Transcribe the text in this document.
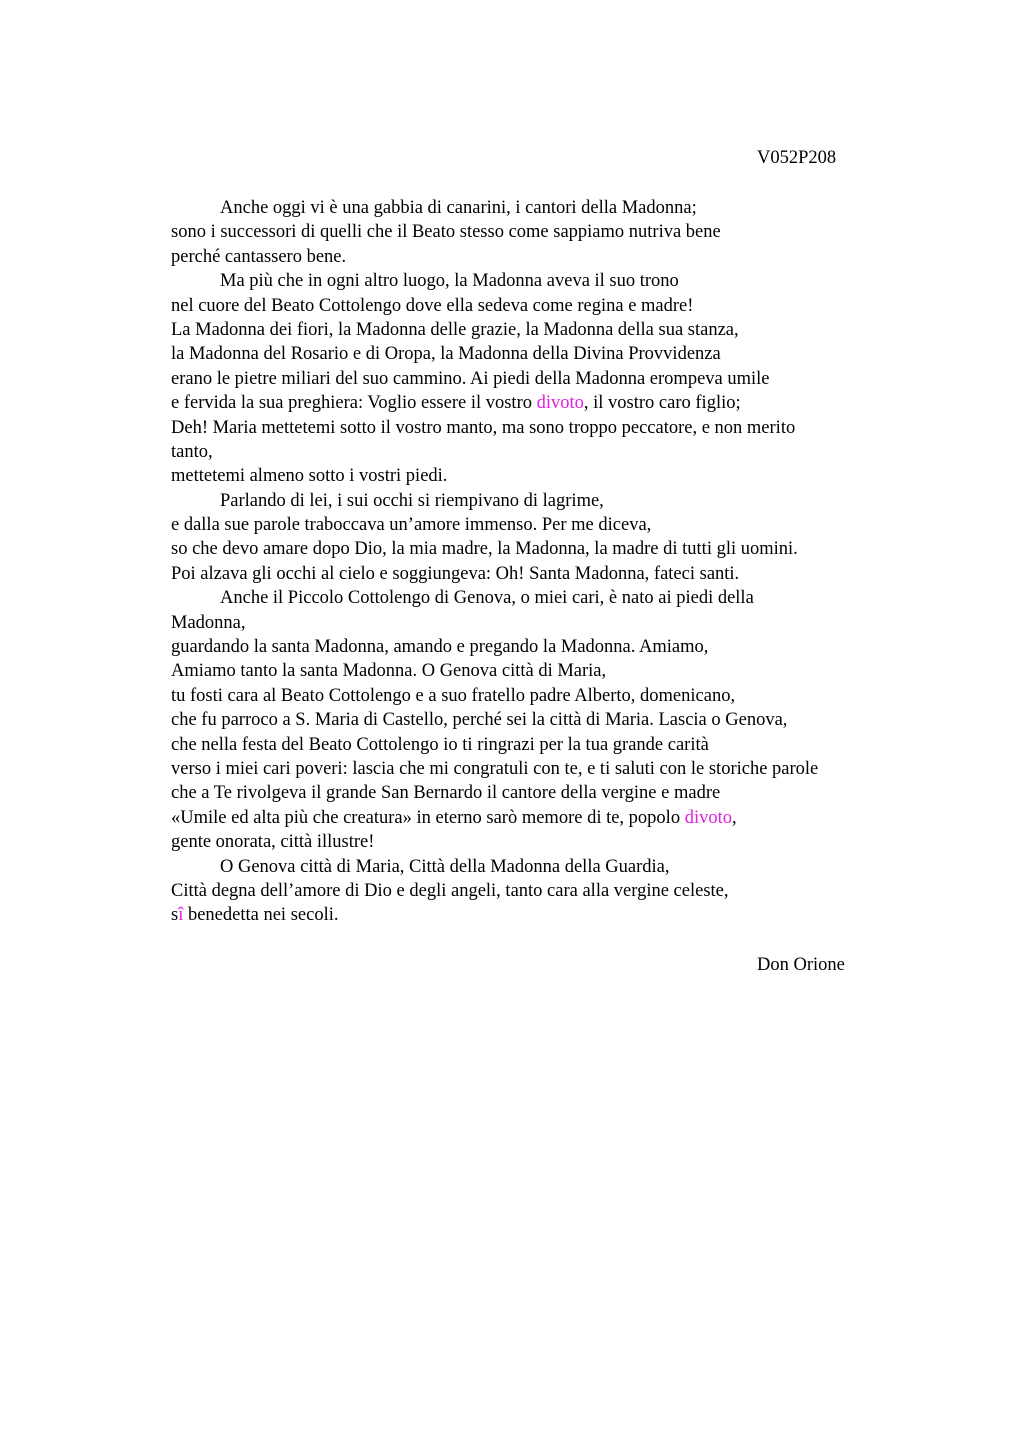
V052P208
Anche oggi vi è una gabbia di canarini, i cantori della Madonna;
sono i successori di quelli che il Beato stesso come sappiamo nutriva bene
perché cantassero bene.
Ma più che in ogni altro luogo, la Madonna aveva il suo trono
nel cuore del Beato Cottolengo dove ella sedeva come regina e madre!
La Madonna dei fiori, la Madonna delle grazie, la Madonna della sua stanza,
la Madonna del Rosario e di Oropa, la Madonna della Divina Provvidenza
erano le pietre miliari del suo cammino. Ai piedi della Madonna erompeva umile
e fervida la sua preghiera: Voglio essere il vostro divoto, il vostro caro figlio;
Deh! Maria mettetemi sotto il vostro manto, ma sono troppo peccatore, e non merito
tanto,
mettetemi almeno sotto i vostri piedi.
Parlando di lei, i sui occhi si riempivano di lagrime,
e dalla sue parole traboccava un’amore immenso. Per me diceva,
so che devo amare dopo Dio, la mia madre, la Madonna, la madre di tutti gli uomini.
Poi alzava gli occhi al cielo e soggiungeva: Oh! Santa Madonna, fateci santi.
Anche il Piccolo Cottolengo di Genova, o miei cari, è nato ai piedi della
Madonna,
guardando la santa Madonna, amando e pregando la Madonna. Amiamo,
Amiamo tanto la santa Madonna. O Genova città di Maria,
tu fosti cara al Beato Cottolengo e a suo fratello padre Alberto, domenicano,
che fu parroco a S. Maria di Castello, perché sei la città di Maria. Lascia o Genova,
che nella festa del Beato Cottolengo io ti ringrazi per la tua grande carità
verso i miei cari poveri: lascia che mi congratuli con te, e ti saluti con le storiche parole
che a Te rivolgeva il grande San Bernardo il cantore della vergine e madre
«Umile ed alta più che creatura» in eterno sarò memore di te, popolo divoto,
gente onorata, città illustre!
O Genova città di Maria, Città della Madonna della Guardia,
Città degna dell’amore di Dio e degli angeli, tanto cara alla vergine celeste,
sî benedetta nei secoli.
Don Orione
